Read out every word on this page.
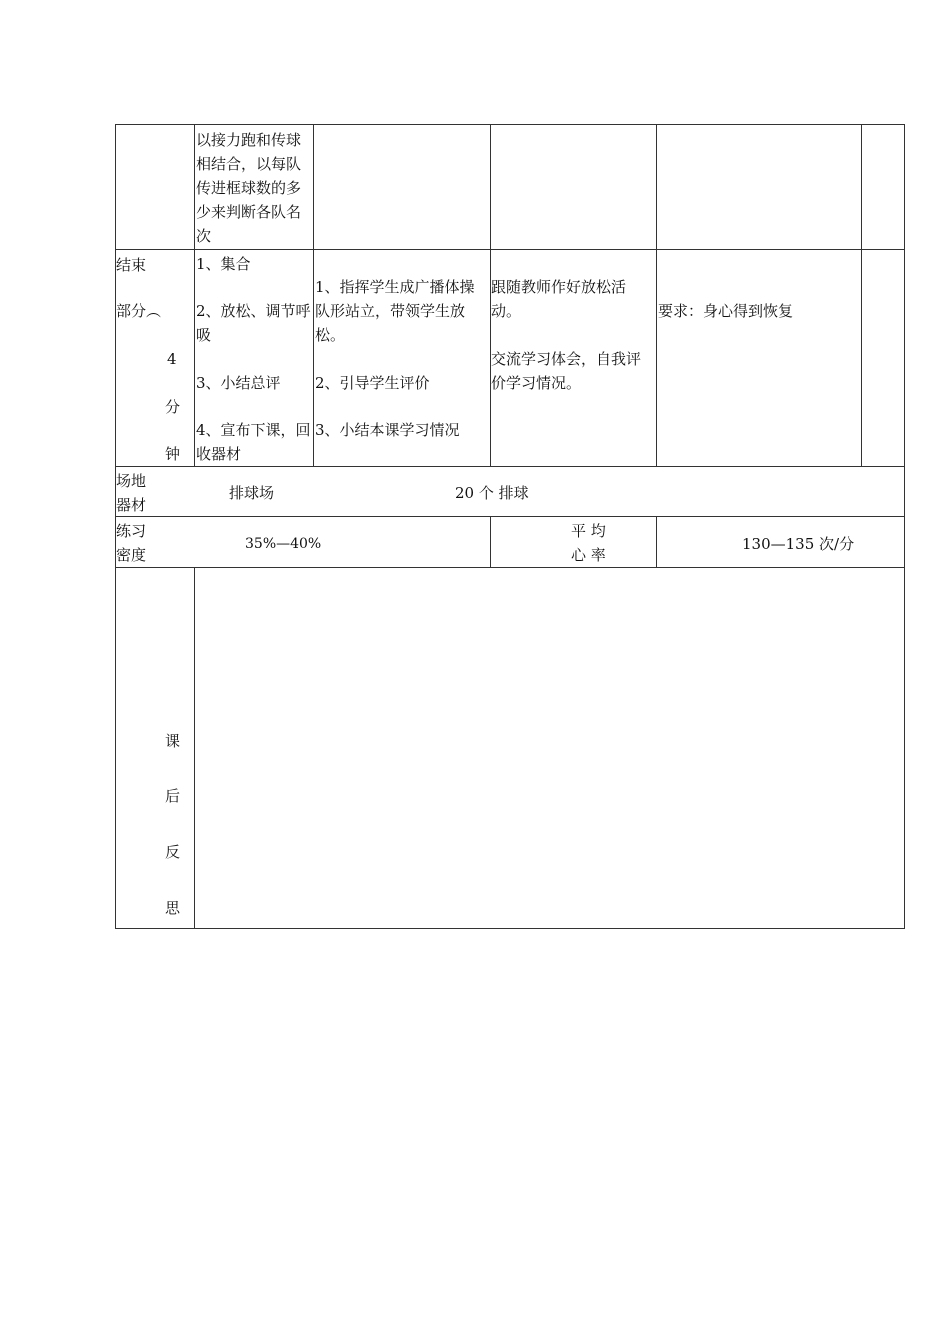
以接力跑和传球
相结合，以每队
传进框球数的多
少来判断各队名
次
结束
部分︵
4
分
钟
1、集合
2、放松、调节呼
吸
3、小结总评
4、宣布下课，回
收器材
1、指挥学生成广播体操
队形站立，带领学生放
松。
2、引导学生评价
3、小结本课学习情况
跟随教师作好放松活
动。
交流学习体会，自我评
价学习情况。
要求：身心得到恢复
场地
器材
排球场	20 个 排球
练习
密度
35%—40%
平 均
心 率
130—135 次/分
课
后
反
思
